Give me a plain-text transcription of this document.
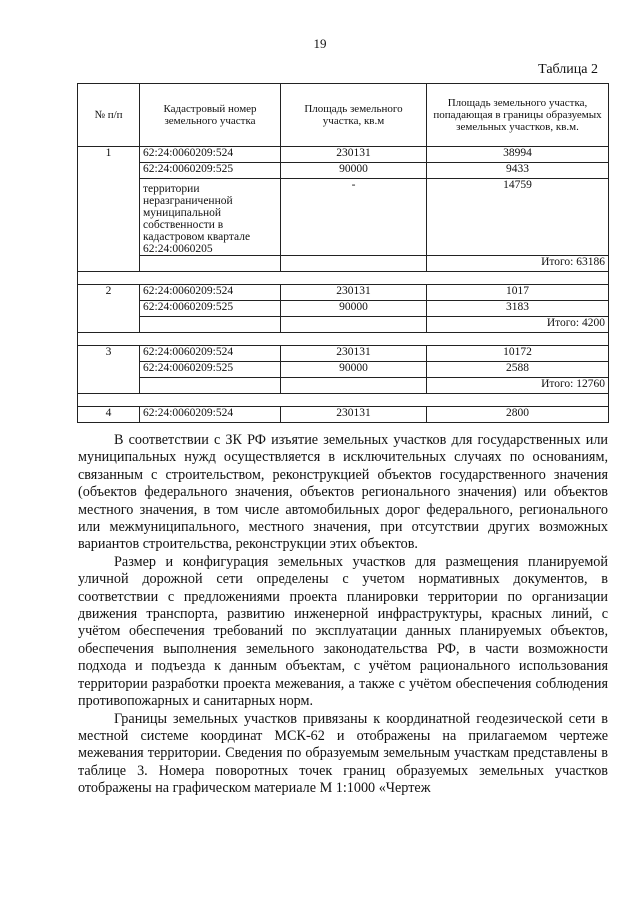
19
Таблица 2
№ п/п	Кадастровый номер земельного участка	Площадь земельного участка, кв.м	Площадь земельного участка, попадающая в границы образуемых земельных участков, кв.м.
1	62:24:0060209:524	230131	38994
	62:24:0060209:525	90000	9433
	территории неразграниченной муниципальной собственности в кадастровом квартале 62:24:0060205	-	14759
			Итого: 63186

2	62:24:0060209:524	230131	1017
	62:24:0060209:525	90000	3183
			Итого: 4200

3	62:24:0060209:524	230131	10172
	62:24:0060209:525	90000	2588
			Итого: 12760

4	62:24:0060209:524	230131	2800

В соответствии с ЗК РФ изъятие земельных участков для государственных или муниципальных нужд осуществляется в исключительных случаях по основаниям, связанным с строительством, реконструкцией объектов государственного значения (объектов федерального значения, объектов регионального значения) или объектов местного значения, в том числе автомобильных дорог федерального, регионального или межмуниципального, местного значения, при отсутствии других возможных вариантов строительства, реконструкции этих объектов.

Размер и конфигурация земельных участков для размещения планируемой уличной дорожной сети определены с учетом нормативных документов, в соответствии с предложениями проекта планировки территории по организации движения транспорта, развитию инженерной инфраструктуры, красных линий, с учётом обеспечения требований по эксплуатации данных планируемых объектов, обеспечения выполнения земельного законодательства РФ, в части возможности подхода и подъезда к данным объектам, с учётом рационального использования территории разработки проекта межевания, а также с учётом обеспечения соблюдения противопожарных и санитарных норм.

Границы земельных участков привязаны к координатной геодезической сети в местной системе координат МСК-62 и отображены на прилагаемом чертеже межевания территории. Сведения по образуемым земельным участкам представлены в таблице 3. Номера поворотных точек границ образуемых земельных участков отображены на графическом материале М 1:1000 «Чертеж
